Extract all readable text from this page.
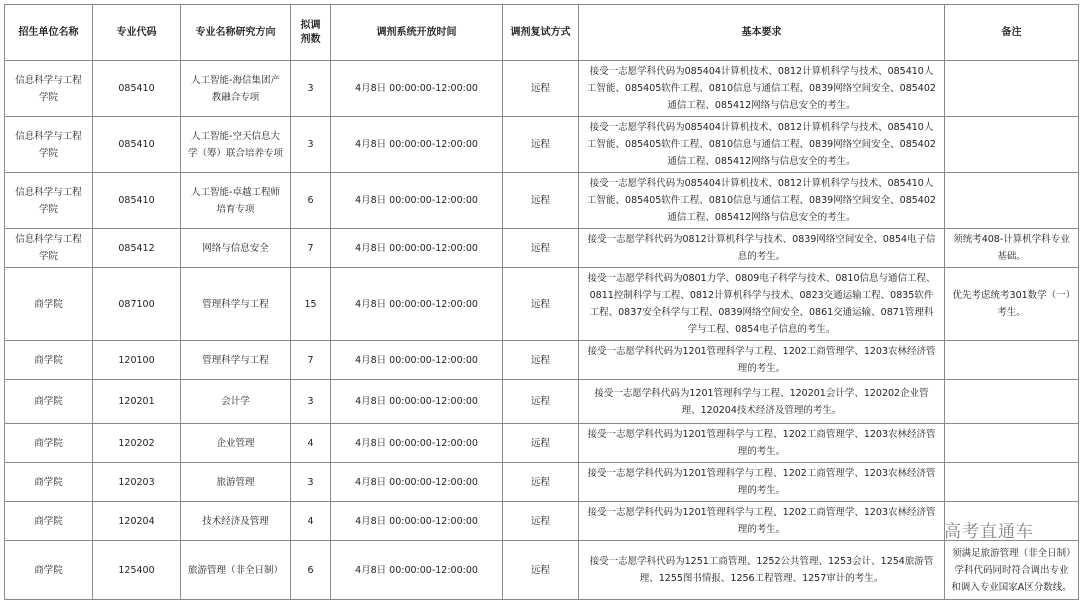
招生单位名称	专业代码	专业名称研究方向	拟调剂数	调剂系统开放时间	调剂复试方式	基本要求	备注
信息科学与工程学院	085410	人工智能-海信集团产教融合专项	3	4月8日 00:00:00-12:00:00	远程	接受一志愿学科代码为085404计算机技术、0812计算机科学与技术、085410人工智能、085405软件工程、0810信息与通信工程、0839网络空间安全、085402通信工程、085412网络与信息安全的考生。	
信息科学与工程学院	085410	人工智能-空天信息大学（筹）联合培养专项	3	4月8日 00:00:00-12:00:00	远程	接受一志愿学科代码为085404计算机技术、0812计算机科学与技术、085410人工智能、085405软件工程、0810信息与通信工程、0839网络空间安全、085402通信工程、085412网络与信息安全的考生。	
信息科学与工程学院	085410	人工智能-卓越工程师培育专项	6	4月8日 00:00:00-12:00:00	远程	接受一志愿学科代码为085404计算机技术、0812计算机科学与技术、085410人工智能、085405软件工程、0810信息与通信工程、0839网络空间安全、085402通信工程、085412网络与信息安全的考生。	
信息科学与工程学院	085412	网络与信息安全	7	4月8日 00:00:00-12:00:00	远程	接受一志愿学科代码为0812计算机科学与技术、0839网络空间安全、0854电子信息的考生。	须统考408-计算机学科专业基础。
商学院	087100	管理科学与工程	15	4月8日 00:00:00-12:00:00	远程	接受一志愿学科代码为0801力学、0809电子科学与技术、0810信息与通信工程、0811控制科学与工程、0812计算机科学与技术、0823交通运输工程、0835软件工程、0837安全科学与工程、0839网络空间安全、0861交通运输、0871管理科学与工程、0854电子信息的考生。	优先考虑统考301数学（一）考生。
商学院	120100	管理科学与工程	7	4月8日 00:00:00-12:00:00	远程	接受一志愿学科代码为1201管理科学与工程、1202工商管理学、1203农林经济管理的考生。	
商学院	120201	会计学	3	4月8日 00:00:00-12:00:00	远程	接受一志愿学科代码为1201管理科学与工程、120201会计学、120202企业管理、120204技术经济及管理的考生。	
商学院	120202	企业管理	4	4月8日 00:00:00-12:00:00	远程	接受一志愿学科代码为1201管理科学与工程、1202工商管理学、1203农林经济管理的考生。	
商学院	120203	旅游管理	3	4月8日 00:00:00-12:00:00	远程	接受一志愿学科代码为1201管理科学与工程、1202工商管理学、1203农林经济管理的考生。	
商学院	120204	技术经济及管理	4	4月8日 00:00:00-12:00:00	远程	接受一志愿学科代码为1201管理科学与工程、1202工商管理学、1203农林经济管理的考生。	
商学院	125400	旅游管理（非全日制）	6	4月8日 00:00:00-12:00:00	远程	接受一志愿学科代码为1251工商管理、1252公共管理、1253会计、1254旅游管理、1255图书情报、1256工程管理、1257审计的考生。	须满足旅游管理（非全日制）学科代码同时符合调出专业和调入专业国家A区分数线。
高考直通车
